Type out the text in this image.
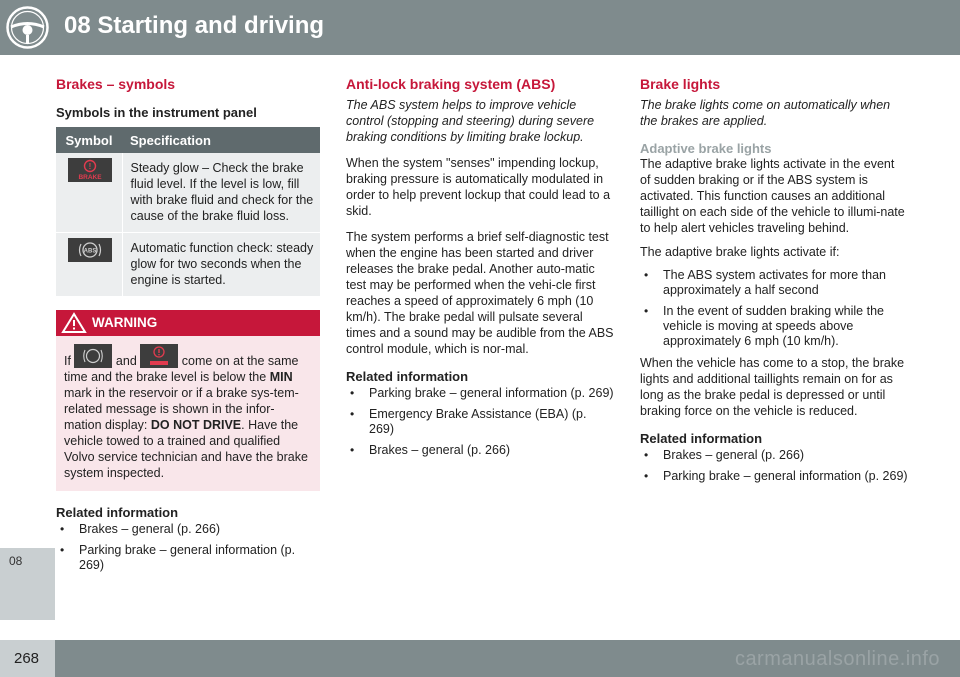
08 Starting and driving
08
Brakes – symbols
Symbols in the instrument panel
Symbol	Specification

!
BRAKE	Steady glow – Check the brake fluid level. If the level is low, fill with brake fluid and check for the cause of the brake fluid loss.

ABS	Automatic function check: steady glow for two seconds when the engine is started.
WARNING
If	and	come on at the same time and the brake level is below the MIN mark in the reservoir or if a brake sys-tem-related message is shown in the infor-mation display: DO NOT DRIVE. Have the vehicle towed to a trained and qualified Volvo service technician and have the brake system inspected.
Related information
• Brakes – general (p. 266)
• Parking brake – general information (p. 269)
Anti-lock braking system (ABS)
The ABS system helps to improve vehicle control (stopping and steering) during severe braking conditions by limiting brake lockup.

When the system "senses" impending lockup, braking pressure is automatically modulated in order to help prevent lockup that could lead to a skid.

The system performs a brief self-diagnostic test when the engine has been started and driver releases the brake pedal. Another auto-matic test may be performed when the vehi-cle first reaches a speed of approximately 6 mph (10 km/h). The brake pedal will pulsate several times and a sound may be audible from the ABS control module, which is nor-mal.

Related information
• Parking brake – general information (p. 269)
• Emergency Brake Assistance (EBA) (p. 269)
• Brakes – general (p. 266)
Brake lights
The brake lights come on automatically when the brakes are applied.
Adaptive brake lights

The adaptive brake lights activate in the event of sudden braking or if the ABS system is activated. This function causes an additional taillight on each side of the vehicle to illumi-nate to help alert vehicles traveling behind.

The adaptive brake lights activate if:

• The ABS system activates for more than approximately a half second
• In the event of sudden braking while the vehicle is moving at speeds above approximately 6 mph (10 km/h).

When the vehicle has come to a stop, the brake lights and additional taillights remain on for as long as the brake pedal is depressed or until braking force on the vehicle is reduced.

Related information
• Brakes – general (p. 266)
• Parking brake – general information (p. 269)
268	carmanualsonline.info
